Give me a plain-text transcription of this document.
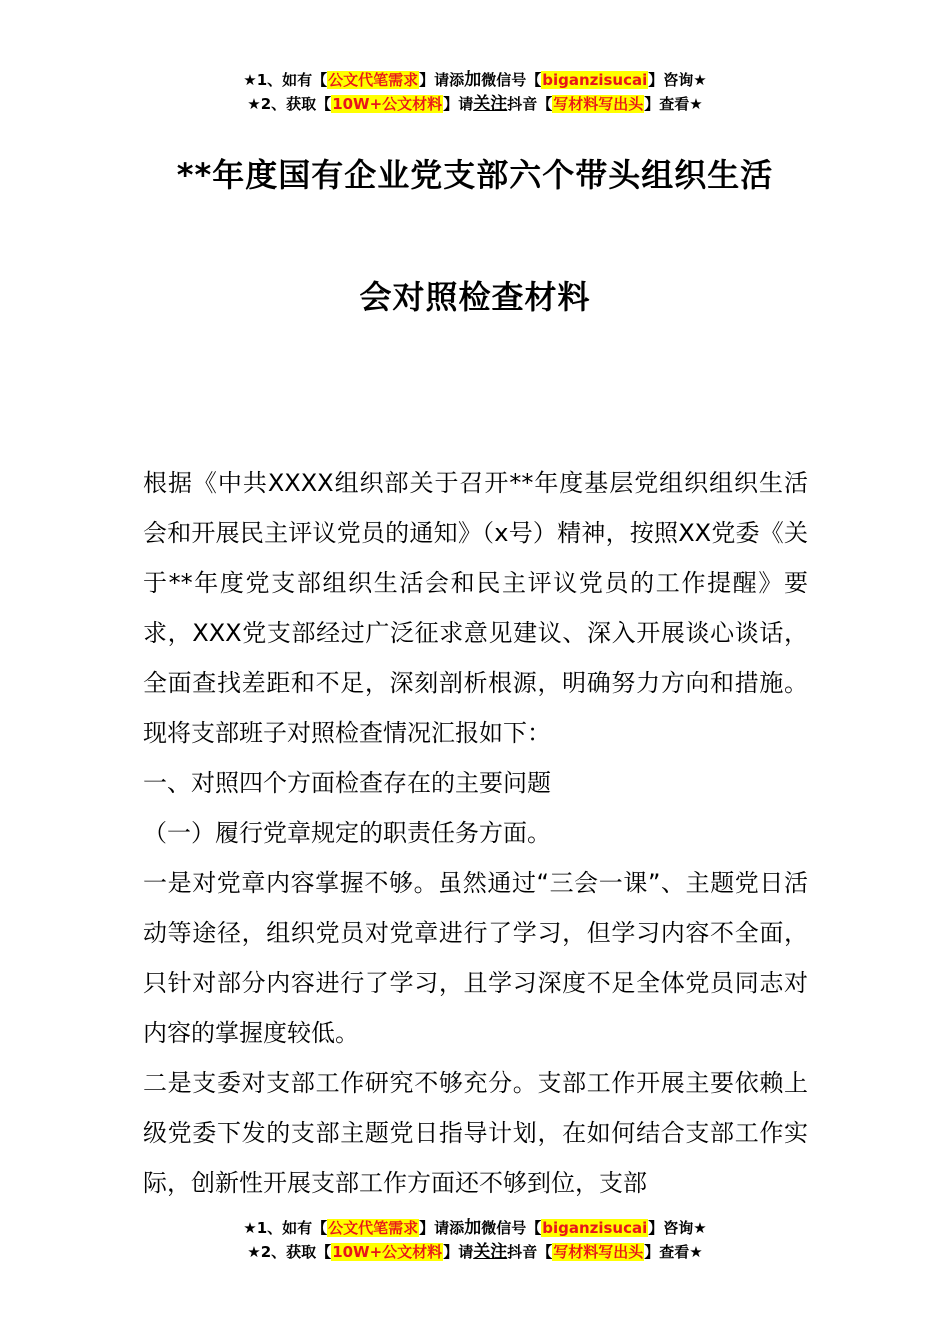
★1、如有【公文代笔需求】请添加微信号【biganzisucai】咨询★
★2、获取【10W+公文材料】请关注抖音【写材料写出头】查看★
**年度国有企业党支部六个带头组织生活
会对照检查材料

根据《中共XXXX组织部关于召开**年度基层党组织组织生活会和开展民主评议党员的通知》（x号）精神，按照XX党委《关于**年度党支部组织生活会和民主评议党员的工作提醒》要求，XXX党支部经过广泛征求意见建议、深入开展谈心谈话，全面查找差距和不足，深刻剖析根源，明确努力方向和措施。现将支部班子对照检查情况汇报如下：

一、对照四个方面检查存在的主要问题

（一）履行党章规定的职责任务方面。

一是对党章内容掌握不够。虽然通过“三会一课”、主题党日活动等途径，组织党员对党章进行了学习，但学习内容不全面，只针对部分内容进行了学习，且学习深度不足全体党员同志对内容的掌握度较低。

二是支委对支部工作研究不够充分。支部工作开展主要依赖上级党委下发的支部主题党日指导计划，在如何结合支部工作实际，创新性开展支部工作方面还不够到位，支部

★1、如有【公文代笔需求】请添加微信号【biganzisucai】咨询★
★2、获取【10W+公文材料】请关注抖音【写材料写出头】查看★
